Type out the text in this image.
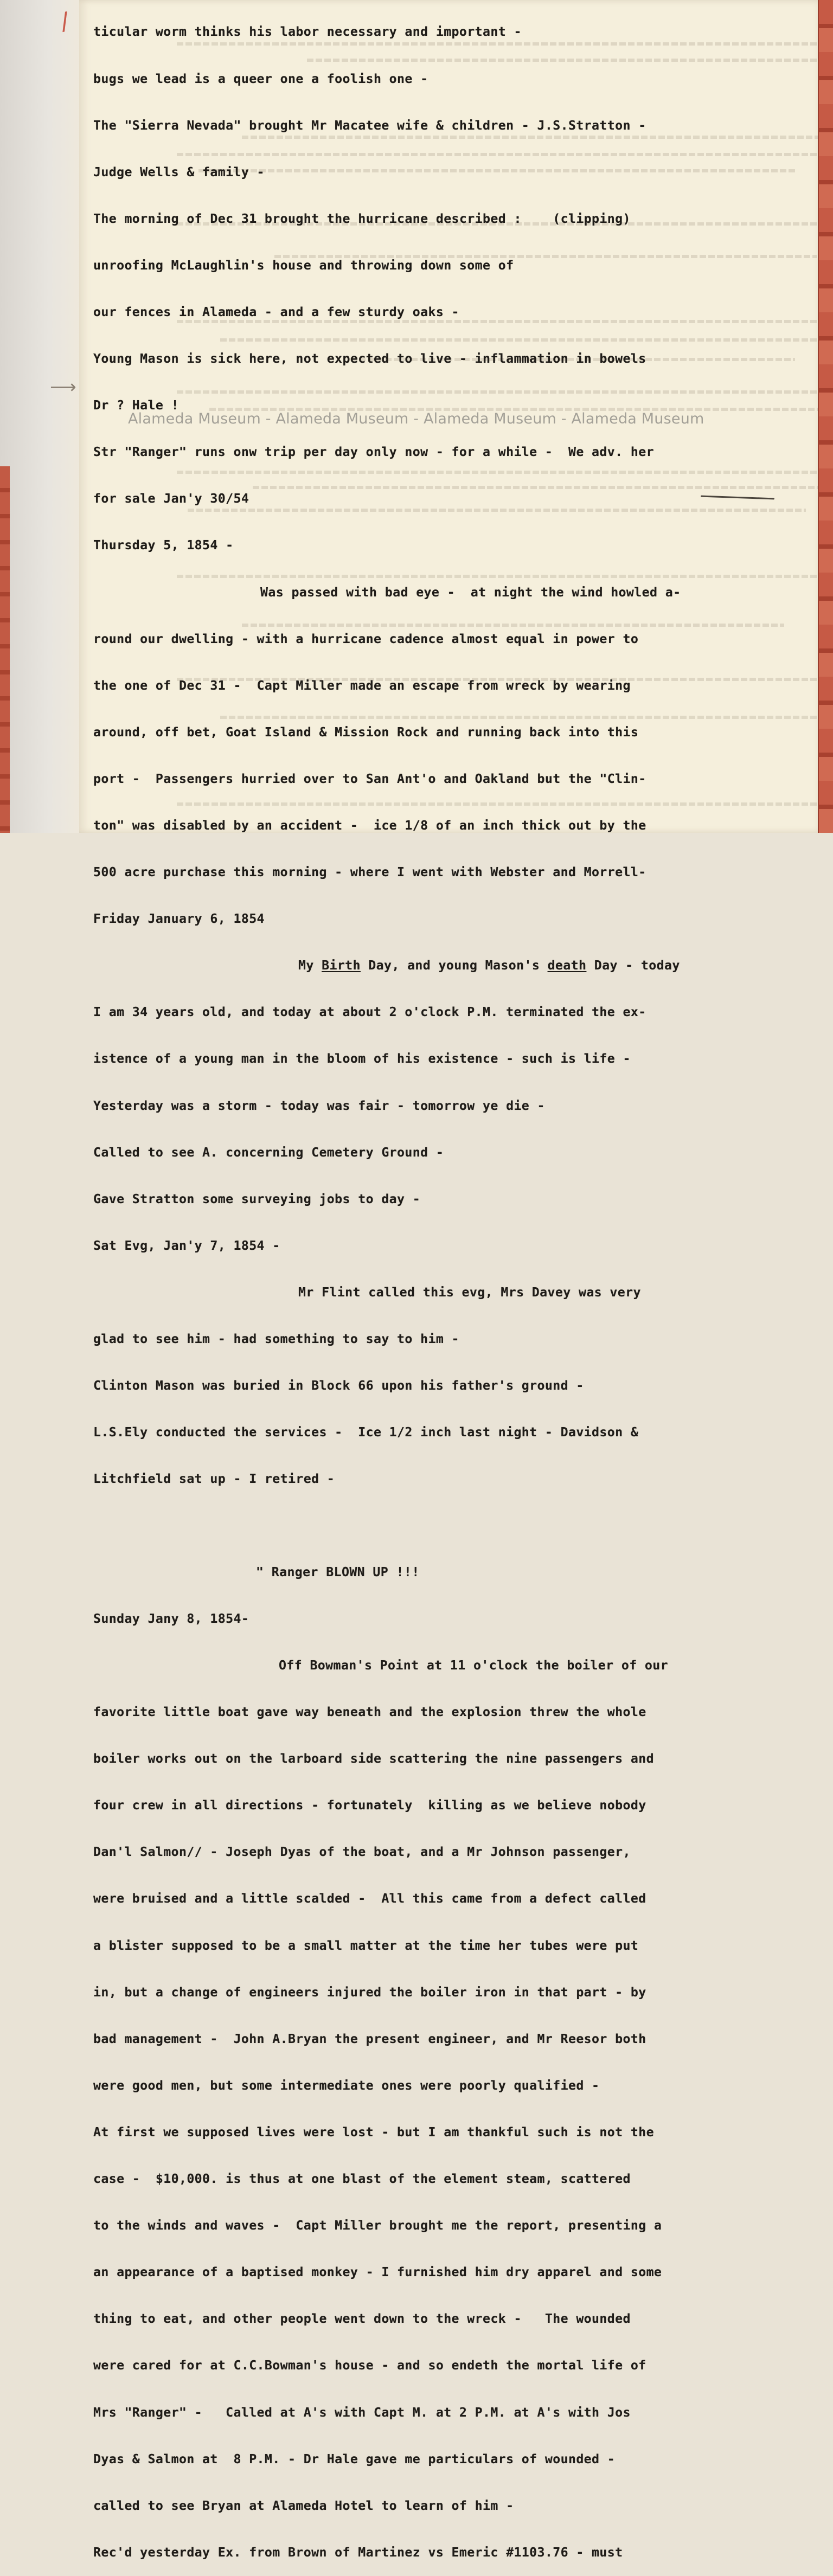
/
⟶

ticular worm thinks his labor necessary and important -

bugs we lead is a queer one a foolish one -

The "Sierra Nevada" brought Mr Macatee wife & children - J.S.Stratton -

Judge Wells & family -

The morning of Dec 31 brought the hurricane described :    (clipping)

unroofing McLaughlin's house and throwing down some of

our fences in Alameda - and a few sturdy oaks -

Young Mason is sick here, not expected to live - inflammation in bowels

Dr ? Hale !

Str "Ranger" runs onw trip per day only now - for a while -  We adv. her

for sale Jan'y 30/54

Thursday 5, 1854 -

Was passed with bad eye -  at night the wind howled a-

round our dwelling - with a hurricane cadence almost equal in power to

the one of Dec 31 -  Capt Miller made an escape from wreck by wearing

around, off bet, Goat Island & Mission Rock and running back into this

port -  Passengers hurried over to San Ant'o and Oakland but the "Clin-

ton" was disabled by an accident -  ice 1/8 of an inch thick out by the

500 acre purchase this morning - where I went with Webster and Morrell-

Friday January 6, 1854

My Birth Day, and young Mason's death Day - today

I am 34 years old, and today at about 2 o'clock P.M. terminated the ex-

istence of a young man in the bloom of his existence - such is life -

Yesterday was a storm - today was fair - tomorrow ye die -

Called to see A. concerning Cemetery Ground -

Gave Stratton some surveying jobs to day -

Sat Evg, Jan'y 7, 1854 -

Mr Flint called this evg, Mrs Davey was very

glad to see him - had something to say to him -

Clinton Mason was buried in Block 66 upon his father's ground -

L.S.Ely conducted the services -  Ice 1/2 inch last night - Davidson &

Litchfield sat up - I retired -

" Ranger BLOWN UP !!!

Sunday Jany 8, 1854-

Off Bowman's Point at 11 o'clock the boiler of our

favorite little boat gave way beneath and the explosion threw the whole

boiler works out on the larboard side scattering the nine passengers and

four crew in all directions - fortunately  killing as we believe nobody

Dan'l Salmon// - Joseph Dyas of the boat, and a Mr Johnson passenger,

were bruised and a little scalded -  All this came from a defect called

a blister supposed to be a small matter at the time her tubes were put

in, but a change of engineers injured the boiler iron in that part - by

bad management -  John A.Bryan the present engineer, and Mr Reesor both

were good men, but some intermediate ones were poorly qualified -

At first we supposed lives were lost - but I am thankful such is not the

case -  $10,000. is thus at one blast of the element steam, scattered

to the winds and waves -  Capt Miller brought me the report, presenting a

an appearance of a baptised monkey - I furnished him dry apparel and some

thing to eat, and other people went down to the wreck -   The wounded

were cared for at C.C.Bowman's house - and so endeth the mortal life of

Mrs "Ranger" -   Called at A's with Capt M. at 2 P.M. at A's with Jos

Dyas & Salmon at  8 P.M. - Dr Hale gave me particulars of wounded -

called to see Bryan at Alameda Hotel to learn of him -

Rec'd yesterday Ex. from Brown of Martinez vs Emeric #1103.76 - must

Alameda Museum - Alameda Museum - Alameda Museum - Alameda Museum
